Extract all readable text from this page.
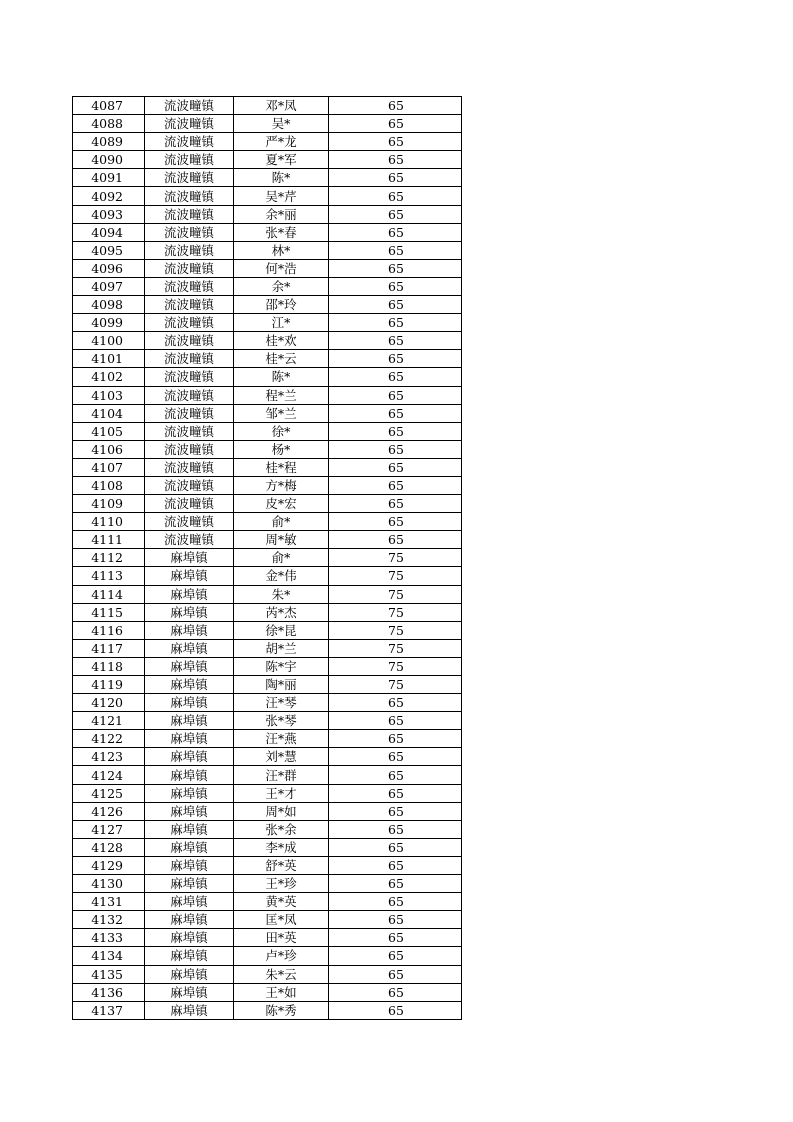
4087	流波疃镇	邓*凤	65
4088	流波疃镇	吴*	65
4089	流波疃镇	严*龙	65
4090	流波疃镇	夏*军	65
4091	流波疃镇	陈*	65
4092	流波疃镇	吴*芹	65
4093	流波疃镇	余*丽	65
4094	流波疃镇	张*春	65
4095	流波疃镇	林*	65
4096	流波疃镇	何*浩	65
4097	流波疃镇	余*	65
4098	流波疃镇	邵*玲	65
4099	流波疃镇	江*	65
4100	流波疃镇	桂*欢	65
4101	流波疃镇	桂*云	65
4102	流波疃镇	陈*	65
4103	流波疃镇	程*兰	65
4104	流波疃镇	邹*兰	65
4105	流波疃镇	徐*	65
4106	流波疃镇	杨*	65
4107	流波疃镇	桂*程	65
4108	流波疃镇	方*梅	65
4109	流波疃镇	皮*宏	65
4110	流波疃镇	俞*	65
4111	流波疃镇	周*敏	65
4112	麻埠镇	俞*	75
4113	麻埠镇	金*伟	75
4114	麻埠镇	朱*	75
4115	麻埠镇	芮*杰	75
4116	麻埠镇	徐*昆	75
4117	麻埠镇	胡*兰	75
4118	麻埠镇	陈*宇	75
4119	麻埠镇	陶*丽	75
4120	麻埠镇	汪*琴	65
4121	麻埠镇	张*琴	65
4122	麻埠镇	汪*燕	65
4123	麻埠镇	刘*慧	65
4124	麻埠镇	汪*群	65
4125	麻埠镇	王*才	65
4126	麻埠镇	周*如	65
4127	麻埠镇	张*余	65
4128	麻埠镇	李*成	65
4129	麻埠镇	舒*英	65
4130	麻埠镇	王*珍	65
4131	麻埠镇	黄*英	65
4132	麻埠镇	匡*凤	65
4133	麻埠镇	田*英	65
4134	麻埠镇	卢*珍	65
4135	麻埠镇	朱*云	65
4136	麻埠镇	王*如	65
4137	麻埠镇	陈*秀	65
